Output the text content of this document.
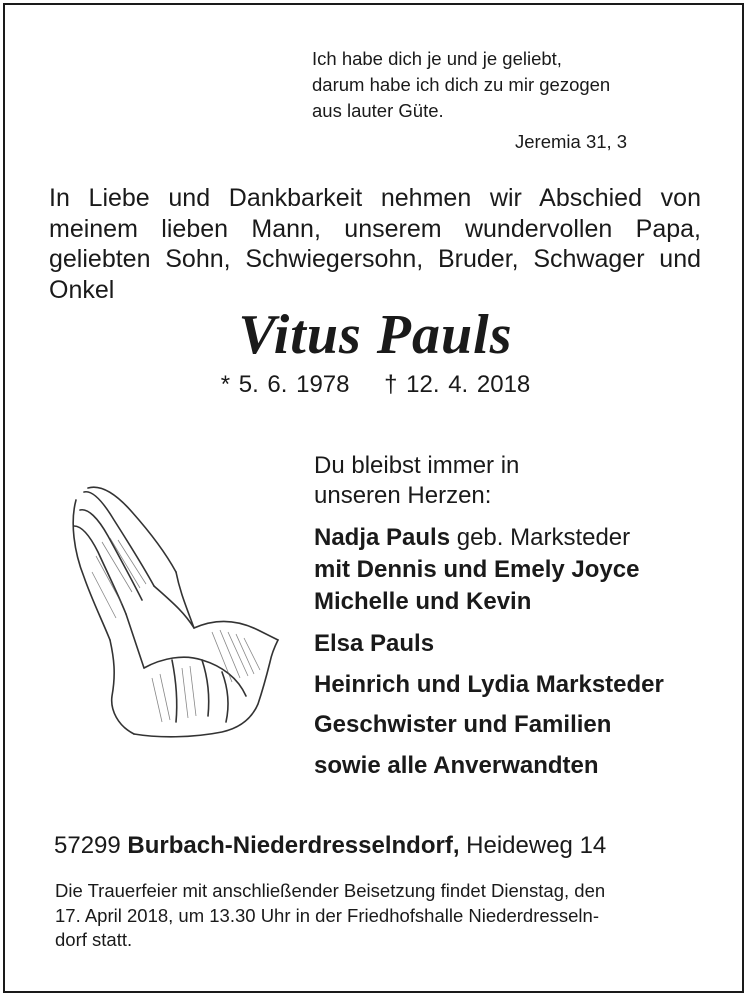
Ich habe dich je und je geliebt,
darum habe ich dich zu mir gezogen
aus lauter Güte.
Jeremia 31, 3
In Liebe und Dankbarkeit nehmen wir Abschied von
meinem lieben Mann, unserem wundervollen Papa,
geliebten Sohn, Schwiegersohn, Bruder, Schwager und
Onkel
Vitus Pauls
* 5. 6. 1978 † 12. 4. 2018
Du bleibst immer in
unseren Herzen:
Nadja Pauls geb. Marksteder
mit Dennis und Emely Joyce
Michelle und Kevin
Elsa Pauls
Heinrich und Lydia Marksteder
Geschwister und Familien
sowie alle Anverwandten
57299 Burbach-Niederdresselndorf, Heideweg 14
Die Trauerfeier mit anschließender Beisetzung findet Dienstag, den
17. April 2018, um 13.30 Uhr in der Friedhofshalle Niederdresseln-
dorf statt.
